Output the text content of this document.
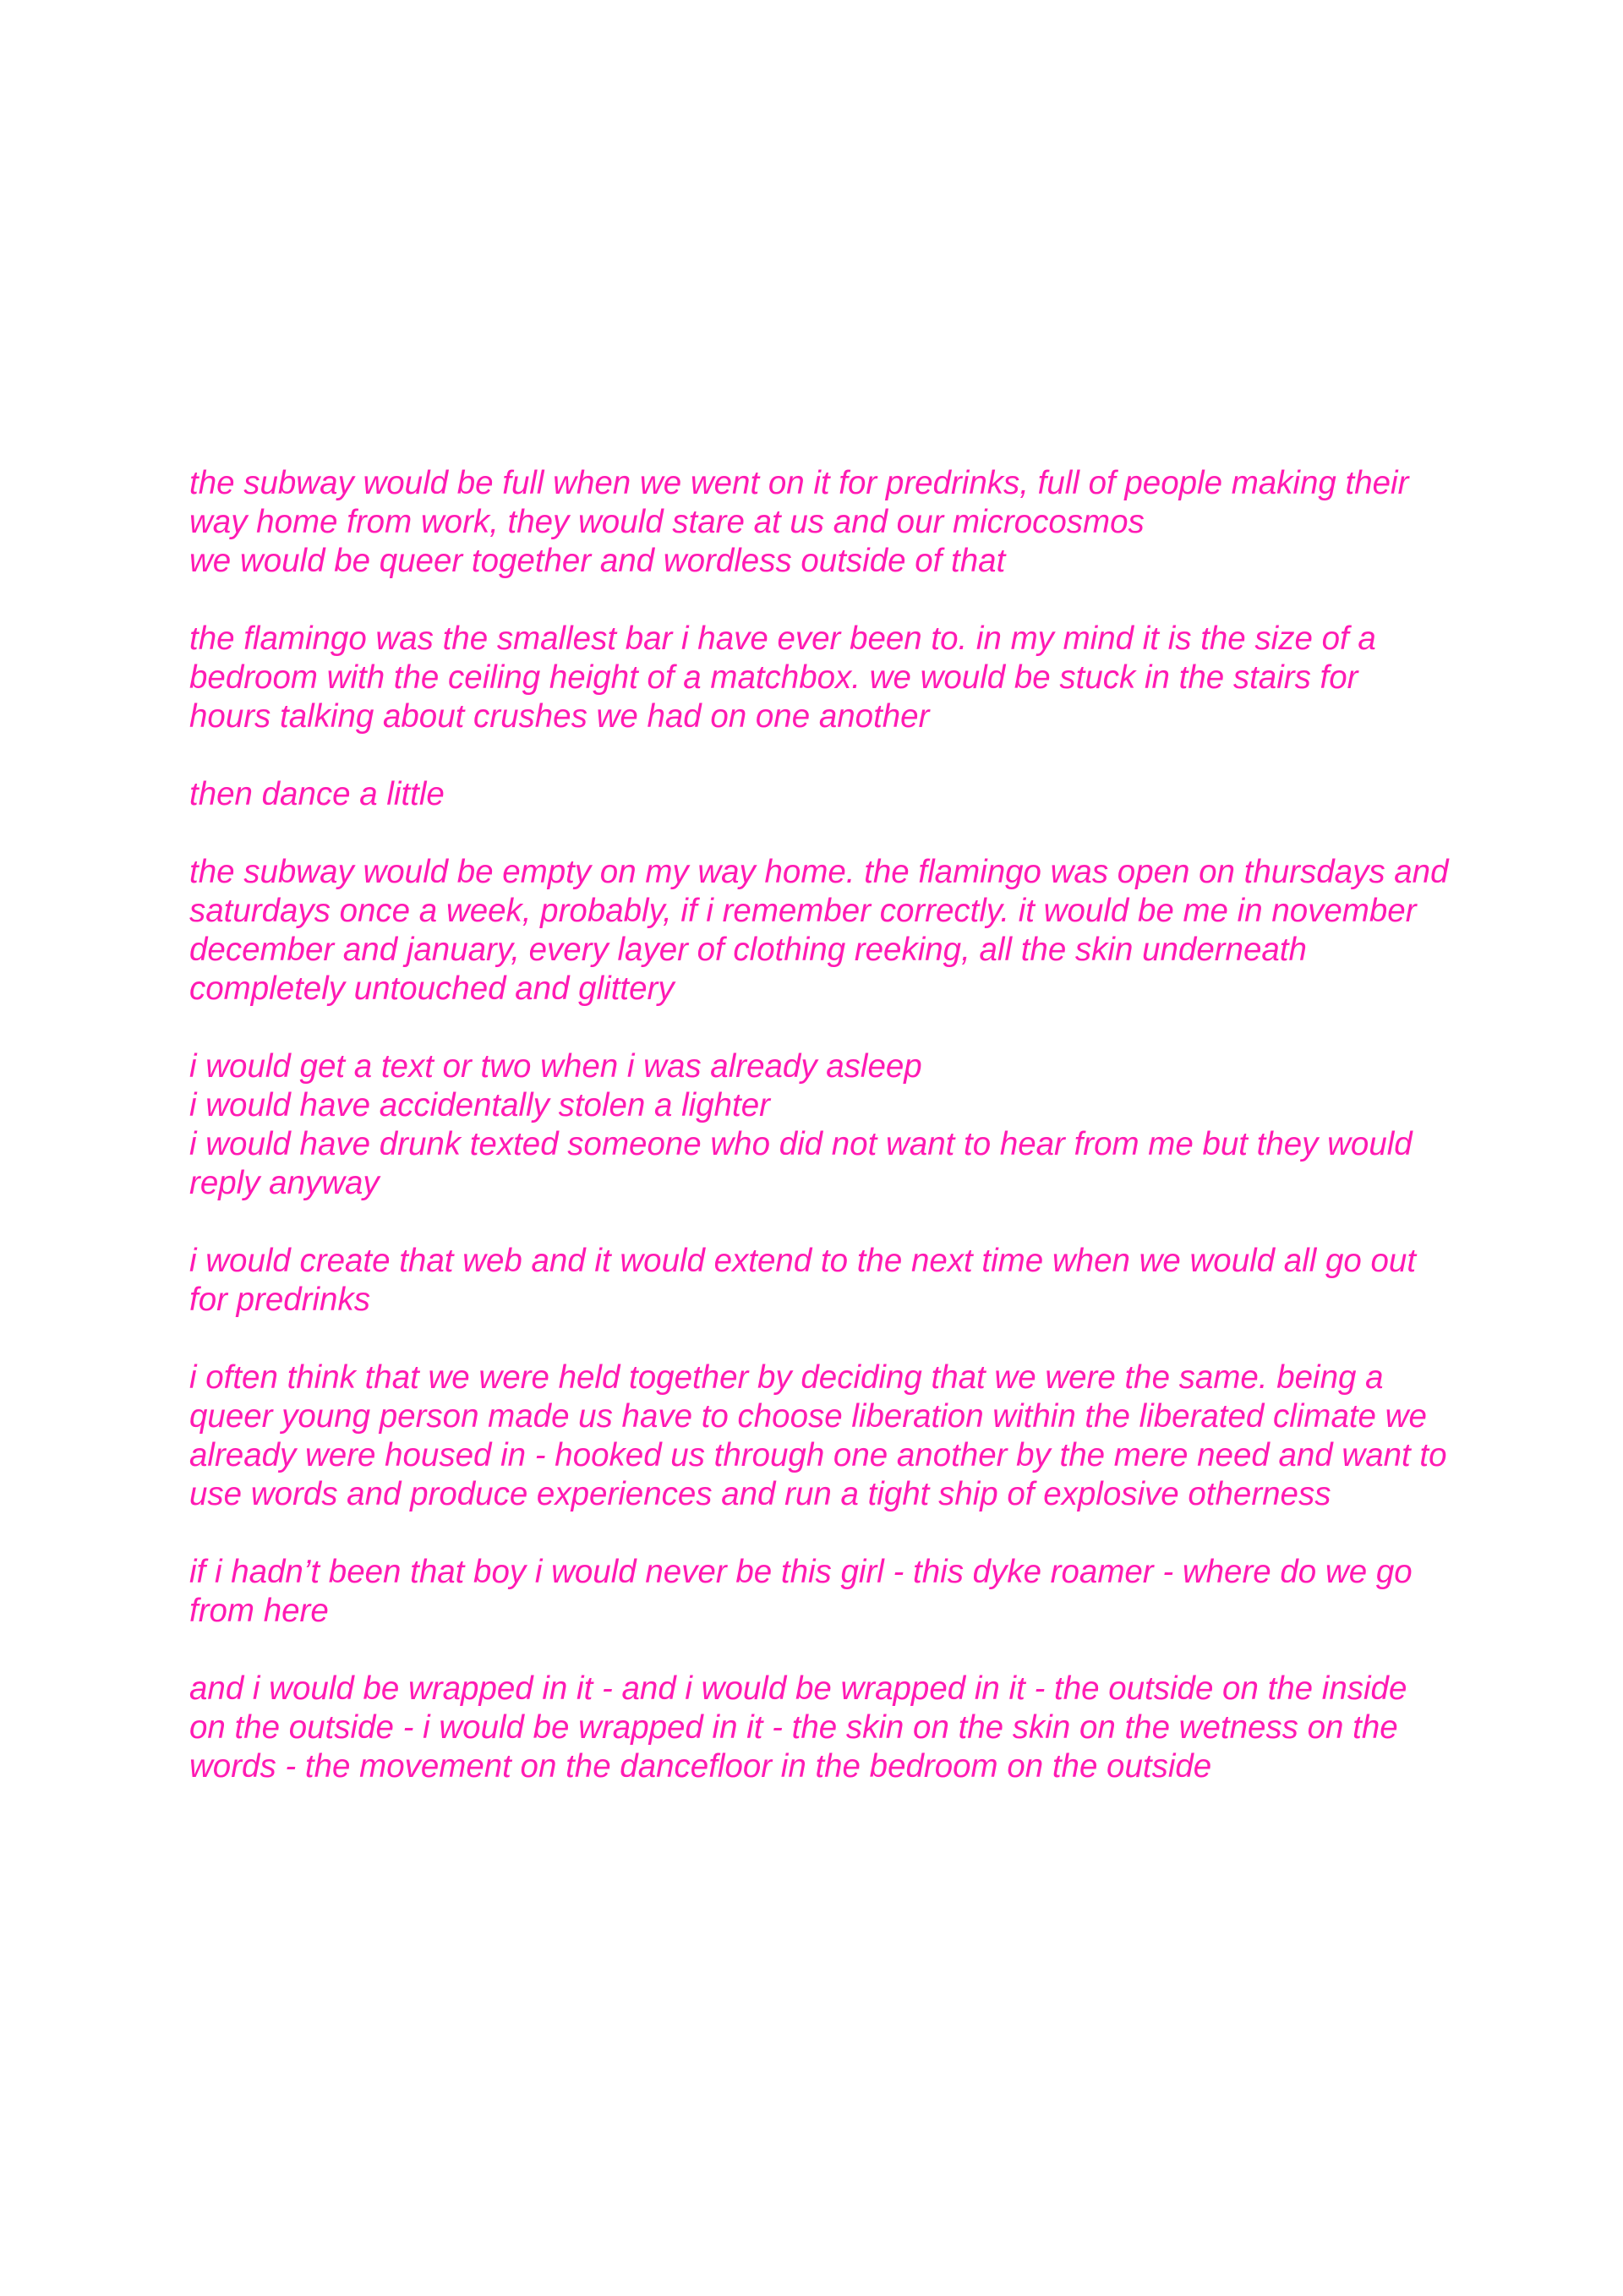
the subway would be full when we went on it for predrinks, full of people making their
way home from work, they would stare at us and our microcosmos
we would be queer together and wordless outside of that

the flamingo was the smallest bar i have ever been to. in my mind it is the size of a
bedroom with the ceiling height of a matchbox. we would be stuck in the stairs for
hours talking about crushes we had on one another

then dance a little

the subway would be empty on my way home. the flamingo was open on thursdays and
saturdays once a week, probably, if i remember correctly. it would be me in november
december and january, every layer of clothing reeking, all the skin underneath
completely untouched and glittery

i would get a text or two when i was already asleep
i would have accidentally stolen a lighter
i would have drunk texted someone who did not want to hear from me but they would
reply anyway

i would create that web and it would extend to the next time when we would all go out
for predrinks

i often think that we were held together by deciding that we were the same. being a
queer young person made us have to choose liberation within the liberated climate we
already were housed in - hooked us through one another by the mere need and want to
use words and produce experiences and run a tight ship of explosive otherness

if i hadn’t been that boy i would never be this girl - this dyke roamer - where do we go
from here

and i would be wrapped in it - and i would be wrapped in it - the outside on the inside
on the outside - i would be wrapped in it - the skin on the skin on the wetness on the
words - the movement on the dancefloor in the bedroom on the outside
